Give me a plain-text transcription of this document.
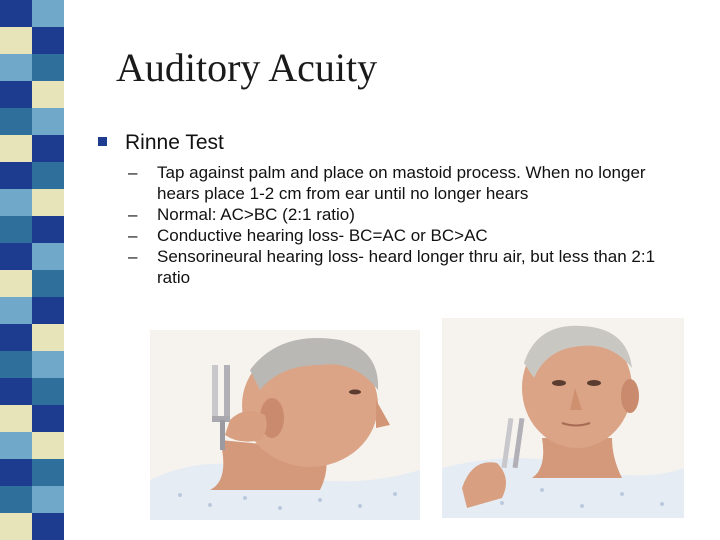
Auditory Acuity
Rinne Test
– Tap against palm and place on mastoid process. When no longer hears place 1-2 cm from ear until no longer hears
– Normal: AC>BC (2:1 ratio)
– Conductive hearing loss- BC=AC or BC>AC
– Sensorineural hearing loss- heard longer thru air, but less than 2:1 ratio
